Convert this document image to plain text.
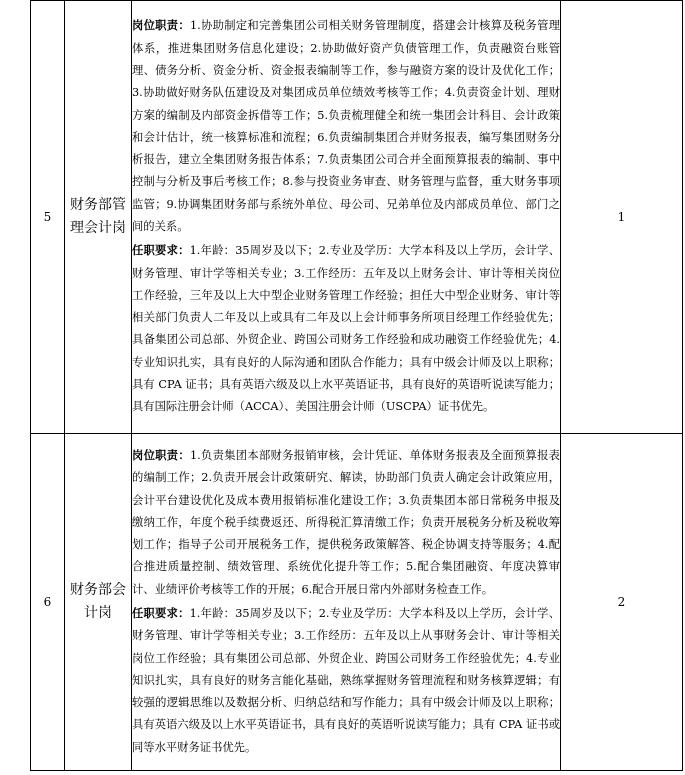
5	财务部管理会计岗	岗位职责：1.协助制定和完善集团公司相关财务管理制度，搭建会计核算及税务管理体系，推进集团财务信息化建设；2.协助做好资产负债管理工作，负责融资台账管理、债务分析、资金分析、资金报表编制等工作，参与融资方案的设计及优化工作；3.协助做好财务队伍建设及对集团成员单位绩效考核等工作；4.负责资金计划、理财方案的编制及内部资金拆借等工作；5.负责梳理健全和统一集团会计科目、会计政策和会计估计，统一核算标准和流程；6.负责编制集团合并财务报表，编写集团财务分析报告，建立全集团财务报告体系；7.负责集团公司合并全面预算报表的编制、事中控制与分析及事后考核工作；8.参与投资业务审查、财务管理与监督，重大财务事项监管；9.协调集团财务部与系统外单位、母公司、兄弟单位及内部成员单位、部门之间的关系。

任职要求：1.年龄：35周岁及以下；2.专业及学历：大学本科及以上学历，会计学、财务管理、审计学等相关专业；3.工作经历：五年及以上财务会计、审计等相关岗位工作经验，三年及以上大中型企业财务管理工作经验；担任大中型企业财务、审计等相关部门负责人二年及以上或具有二年及以上会计师事务所项目经理工作经验优先；具备集团公司总部、外贸企业、跨国公司财务工作经验和成功融资工作经验优先；4.专业知识扎实，具有良好的人际沟通和团队合作能力；具有中级会计师及以上职称；具有 CPA 证书；具有英语六级及以上水平英语证书，具有良好的英语听说读写能力；具有国际注册会计师（ACCA）、美国注册会计师（USCPA）证书优先。	1
6	财务部会计岗	岗位职责：1.负责集团本部财务报销审核，会计凭证、单体财务报表及全面预算报表的编制工作；2.负责开展会计政策研究、解读，协助部门负责人确定会计政策应用，会计平台建设优化及成本费用报销标准化建设工作；3.负责集团本部日常税务申报及缴纳工作，年度个税手续费返还、所得税汇算清缴工作；负责开展税务分析及税收筹划工作；指导子公司开展税务工作，提供税务政策解答、税企协调支持等服务；4.配合推进质量控制、绩效管理、系统优化提升等工作；5.配合集团融资、年度决算审计、业绩评价考核等工作的开展；6.配合开展日常内外部财务检查工作。

任职要求：1.年龄：35周岁及以下；2.专业及学历：大学本科及以上学历，会计学、财务管理、审计学等相关专业；3.工作经历：五年及以上从事财务会计、审计等相关岗位工作经验；具有集团公司总部、外贸企业、跨国公司财务工作经验优先；4.专业知识扎实，具有良好的财务言能化基础，熟练掌握财务管理流程和财务核算逻辑；有较强的逻辑思维以及数据分析、归纳总结和写作能力；具有中级会计师及以上职称；具有英语六级及以上水平英语证书，具有良好的英语听说读写能力；具有 CPA 证书或同等水平财务证书优先。	2
